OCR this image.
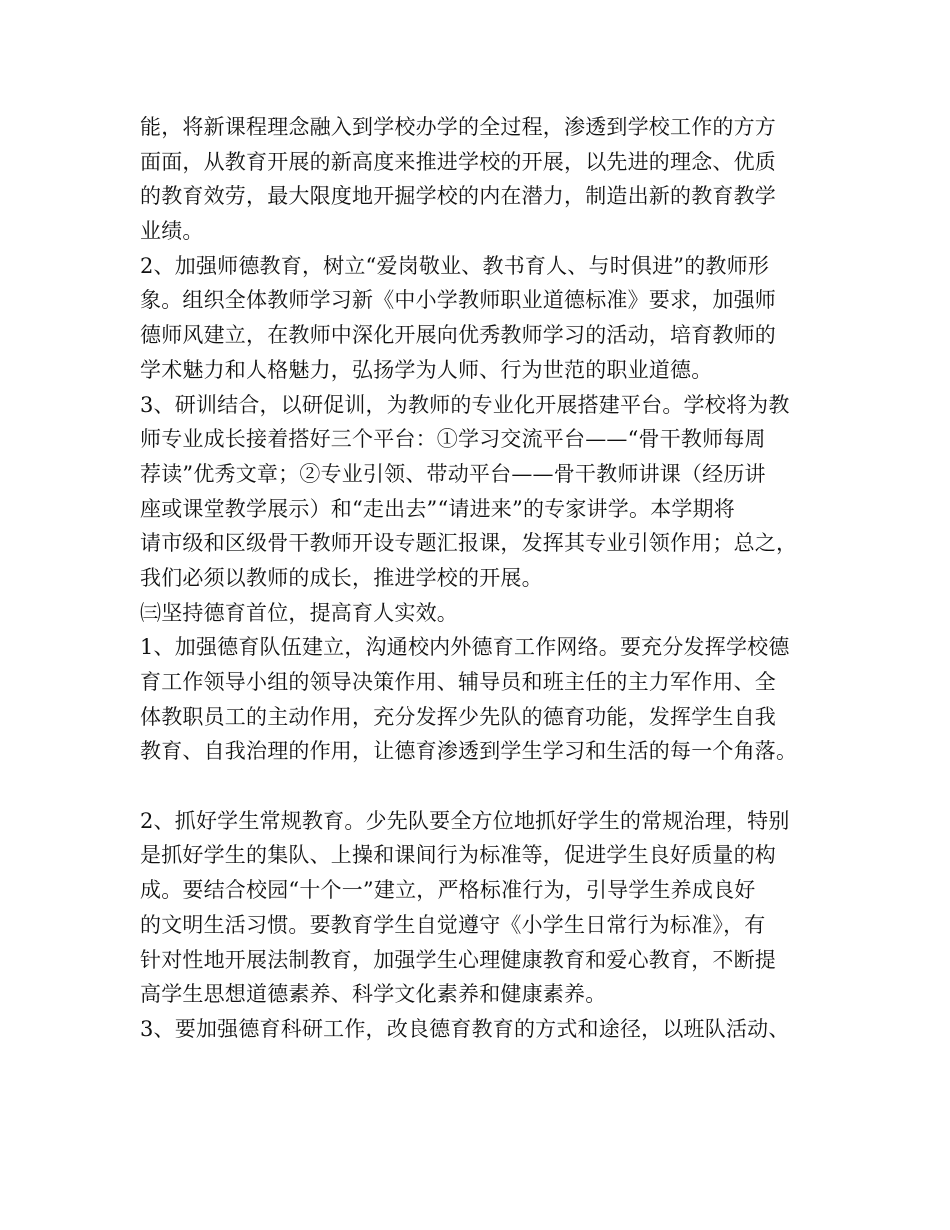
能，将新课程理念融入到学校办学的全过程，渗透到学校工作的方方
面面，从教育开展的新高度来推进学校的开展，以先进的理念、优质
的教育效劳，最大限度地开掘学校的内在潜力，制造出新的教育教学
业绩。
2、加强师德教育，树立“爱岗敬业、教书育人、与时俱进”的教师形
象。组织全体教师学习新《中小学教师职业道德标准》要求，加强师
德师风建立，在教师中深化开展向优秀教师学习的活动，培育教师的
学术魅力和人格魅力，弘扬学为人师、行为世范的职业道德。
3、研训结合，以研促训，为教师的专业化开展搭建平台。学校将为教
师专业成长接着搭好三个平台：①学习交流平台——“骨干教师每周
荐读”优秀文章；②专业引领、带动平台——骨干教师讲课（经历讲
座或课堂教学展示）和“走出去”“请进来”的专家讲学。本学期将
请市级和区级骨干教师开设专题汇报课，发挥其专业引领作用；总之，
我们必须以教师的成长，推进学校的开展。
㈢坚持德育首位，提高育人实效。
1、加强德育队伍建立，沟通校内外德育工作网络。要充分发挥学校德
育工作领导小组的领导决策作用、辅导员和班主任的主力军作用、全
体教职员工的主动作用，充分发挥少先队的德育功能，发挥学生自我
教育、自我治理的作用，让德育渗透到学生学习和生活的每一个角落。
2、抓好学生常规教育。少先队要全方位地抓好学生的常规治理，特别
是抓好学生的集队、上操和课间行为标准等，促进学生良好质量的构
成。要结合校园“十个一”建立，严格标准行为，引导学生养成良好
的文明生活习惯。要教育学生自觉遵守《小学生日常行为标准》，有
针对性地开展法制教育，加强学生心理健康教育和爱心教育，不断提
高学生思想道德素养、科学文化素养和健康素养。
3、要加强德育科研工作，改良德育教育的方式和途径，以班队活动、
